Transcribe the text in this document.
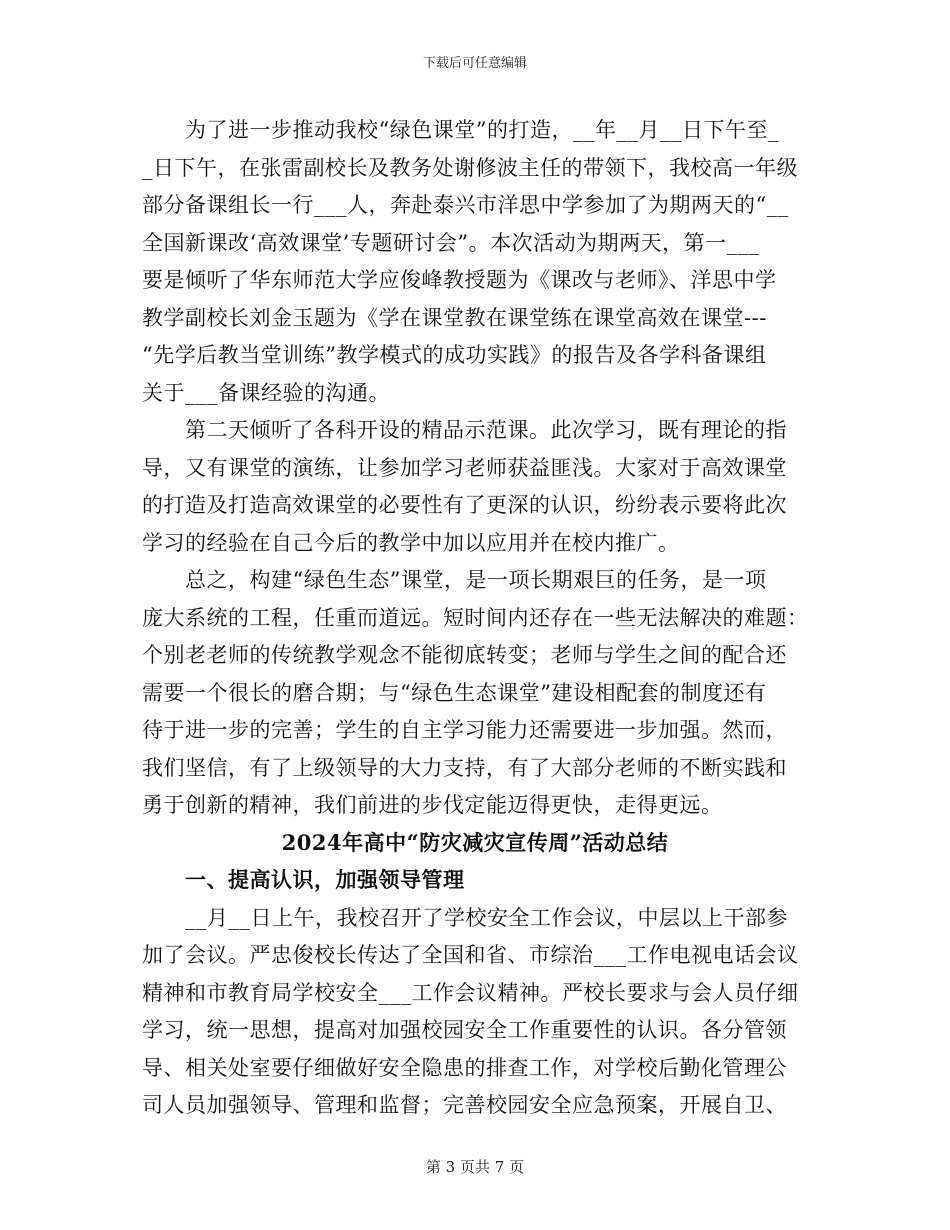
下载后可任意编辑
　　为了进一步推动我校“绿色课堂”的打造，__年__月__日下午至_
_日下午，在张雷副校长及教务处谢修波主任的带领下，我校高一年级
部分备课组长一行___人，奔赴泰兴市洋思中学参加了为期两天的“__
全国新课改‘高效课堂’专题研讨会”。本次活动为期两天，第一___
要是倾听了华东师范大学应俊峰教授题为《课改与老师》、洋思中学
教学副校长刘金玉题为《学在课堂教在课堂练在课堂高效在课堂---
“先学后教当堂训练”教学模式的成功实践》的报告及各学科备课组
关于___备课经验的沟通。
　　第二天倾听了各科开设的精品示范课。此次学习，既有理论的指
导，又有课堂的演练，让参加学习老师获益匪浅。大家对于高效课堂
的打造及打造高效课堂的必要性有了更深的认识，纷纷表示要将此次
学习的经验在自己今后的教学中加以应用并在校内推广。
　　总之，构建“绿色生态”课堂，是一项长期艰巨的任务，是一项
庞大系统的工程，任重而道远。短时间内还存在一些无法解决的难题：
个别老老师的传统教学观念不能彻底转变；老师与学生之间的配合还
需要一个很长的磨合期；与“绿色生态课堂”建设相配套的制度还有
待于进一步的完善；学生的自主学习能力还需要进一步加强。然而，
我们坚信，有了上级领导的大力支持，有了大部分老师的不断实践和
勇于创新的精神，我们前进的步伐定能迈得更快，走得更远。
2024年高中“防灾减灾宣传周”活动总结
　　一、提高认识，加强领导管理
　　__月__日上午，我校召开了学校安全工作会议，中层以上干部参
加了会议。严忠俊校长传达了全国和省、市综治___工作电视电话会议
精神和市教育局学校安全___工作会议精神。严校长要求与会人员仔细
学习，统一思想，提高对加强校园安全工作重要性的认识。各分管领
导、相关处室要仔细做好安全隐患的排查工作，对学校后勤化管理公
司人员加强领导、管理和监督；完善校园安全应急预案，开展自卫、
第 3 页共 7 页
